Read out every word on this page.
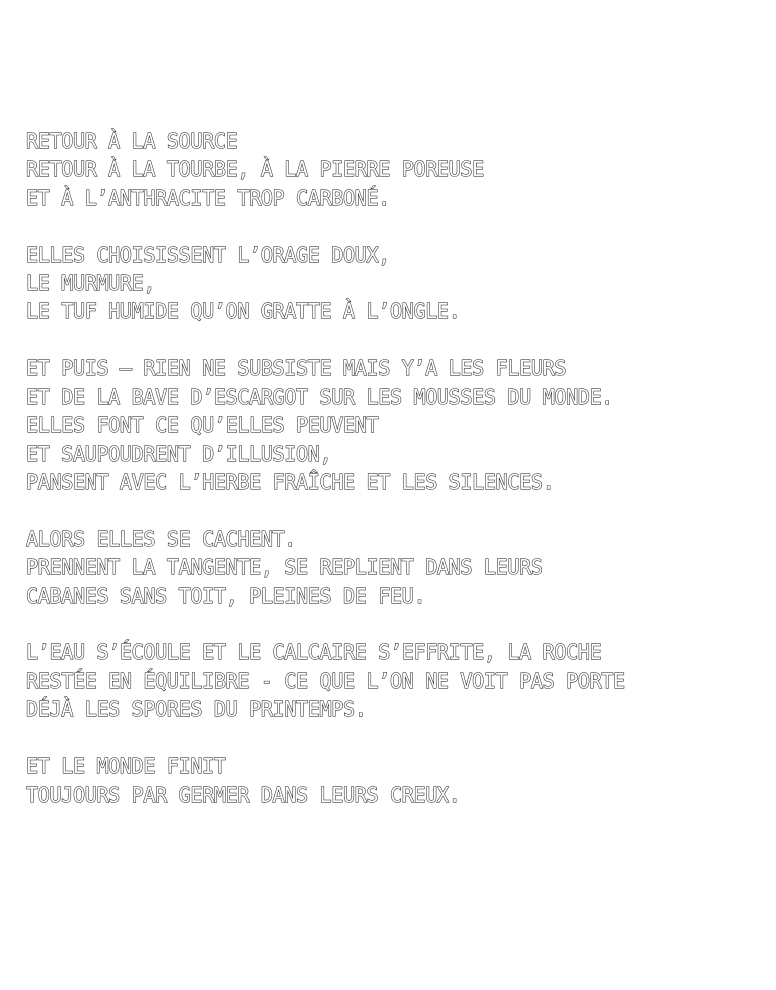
RETOUR À LA SOURCE
RETOUR À LA TOURBE, À LA PIERRE POREUSE
ET À L’ANTHRACITE TROP CARBONÉ.
ELLES CHOISISSENT L’ORAGE DOUX,
LE MURMURE,
LE TUF HUMIDE QU’ON GRATTE À L’ONGLE.
ET PUIS — RIEN NE SUBSISTE MAIS Y’A LES FLEURS
ET DE LA BAVE D’ESCARGOT SUR LES MOUSSES DU MONDE.
ELLES FONT CE QU’ELLES PEUVENT
ET SAUPOUDRENT D’ILLUSION,
PANSENT AVEC L’HERBE FRAÎCHE ET LES SILENCES.
ALORS ELLES SE CACHENT.
PRENNENT LA TANGENTE, SE REPLIENT DANS LEURS
CABANES SANS TOIT, PLEINES DE FEU.
L’EAU S’ÉCOULE ET LE CALCAIRE S’EFFRITE, LA ROCHE
RESTÉE EN ÉQUILIBRE - CE QUE L’ON NE VOIT PAS PORTE
DÉJÀ LES SPORES DU PRINTEMPS.
ET LE MONDE FINIT
TOUJOURS PAR GERMER DANS LEURS CREUX.
